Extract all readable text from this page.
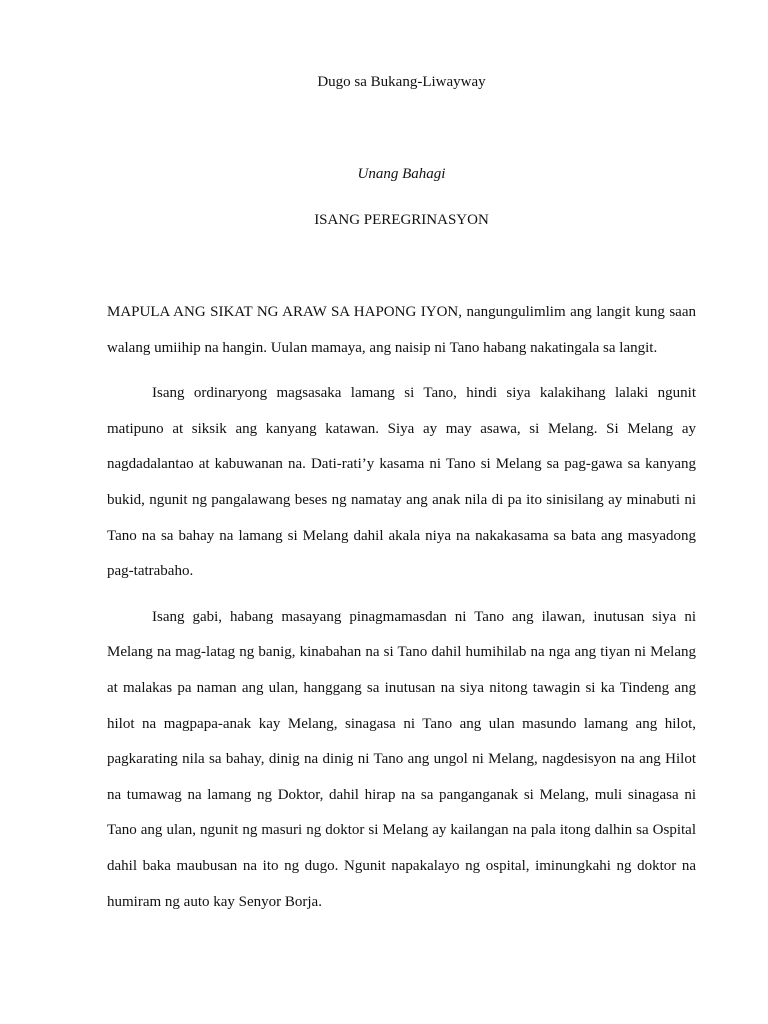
Dugo sa Bukang-Liwayway
Unang Bahagi
ISANG PEREGRINASYON

MAPULA ANG SIKAT NG ARAW SA HAPONG IYON, nangungulimlim ang langit kung saan walang umiihip na hangin. Uulan mamaya, ang naisip ni Tano habang nakatingala sa langit.

Isang ordinaryong magsasaka lamang si Tano, hindi siya kalakihang lalaki ngunit matipuno at siksik ang kanyang katawan. Siya ay may asawa, si Melang. Si Melang ay nagdadalantao at kabuwanan na. Dati-rati’y kasama ni Tano si Melang sa pag-gawa sa kanyang bukid, ngunit ng pangalawang beses ng namatay ang anak nila di pa ito sinisilang ay minabuti ni Tano na sa bahay na lamang si Melang dahil akala niya na nakakasama sa bata ang masyadong pag-tatrabaho.

Isang gabi, habang masayang pinagmamasdan ni Tano ang ilawan, inutusan siya ni Melang na mag-latag ng banig, kinabahan na si Tano dahil humihilab na nga ang tiyan ni Melang at malakas pa naman ang ulan, hanggang sa inutusan na siya nitong tawagin si ka Tindeng ang hilot na magpapa-anak kay Melang, sinagasa ni Tano ang ulan masundo lamang ang hilot, pagkarating nila sa bahay, dinig na dinig ni Tano ang ungol ni Melang, nagdesisyon na ang Hilot na tumawag na lamang ng Doktor, dahil hirap na sa panganganak si Melang, muli sinagasa ni Tano ang ulan, ngunit ng masuri ng doktor si Melang ay kailangan na pala itong dalhin sa Ospital dahil baka maubusan na ito ng dugo. Ngunit napakalayo ng ospital, iminungkahi ng doktor na humiram ng auto kay Senyor Borja.
